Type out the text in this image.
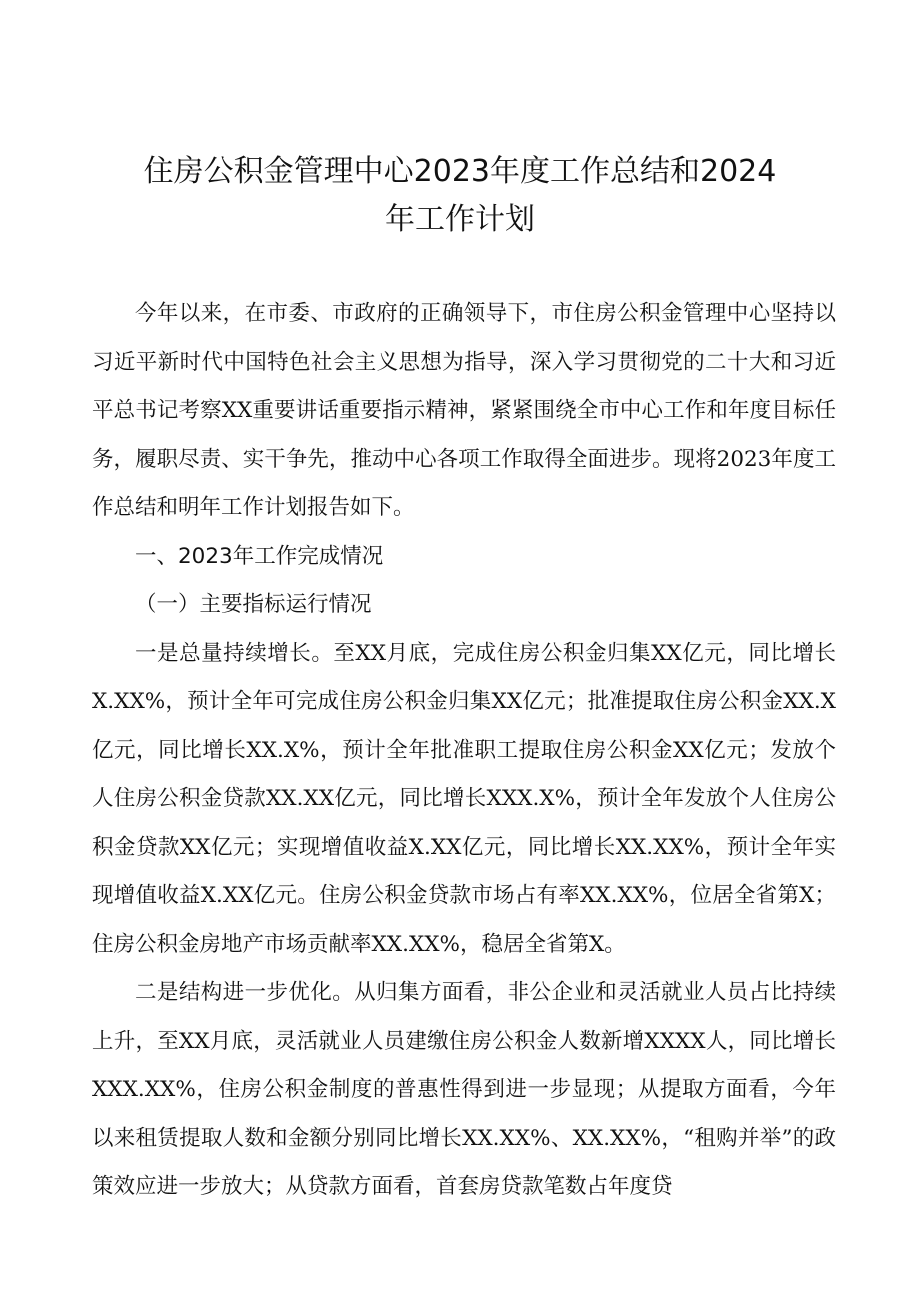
住房公积金管理中心2023年度工作总结和2024
年工作计划

今年以来，在市委、市政府的正确领导下，市住房公积金管理中心坚持以习近平新时代中国特色社会主义思想为指导，深入学习贯彻党的二十大和习近平总书记考察XX重要讲话重要指示精神，紧紧围绕全市中心工作和年度目标任务，履职尽责、实干争先，推动中心各项工作取得全面进步。现将2023年度工作总结和明年工作计划报告如下。

一、2023年工作完成情况

（一）主要指标运行情况

一是总量持续增长。至XX月底，完成住房公积金归集XX亿元，同比增长X.XX%，预计全年可完成住房公积金归集XX亿元；批准提取住房公积金XX.X亿元，同比增长XX.X%，预计全年批准职工提取住房公积金XX亿元；发放个人住房公积金贷款XX.XX亿元，同比增长XXX.X%，预计全年发放个人住房公积金贷款XX亿元；实现增值收益X.XX亿元，同比增长XX.XX%，预计全年实现增值收益X.XX亿元。住房公积金贷款市场占有率XX.XX%，位居全省第X；住房公积金房地产市场贡献率XX.XX%，稳居全省第X。

二是结构进一步优化。从归集方面看，非公企业和灵活就业人员占比持续上升，至XX月底，灵活就业人员建缴住房公积金人数新增XXXX人，同比增长XXX.XX%，住房公积金制度的普惠性得到进一步显现；从提取方面看，今年以来租赁提取人数和金额分别同比增长XX.XX%、XX.XX%，“租购并举”的政策效应进一步放大；从贷款方面看，首套房贷款笔数占年度贷
